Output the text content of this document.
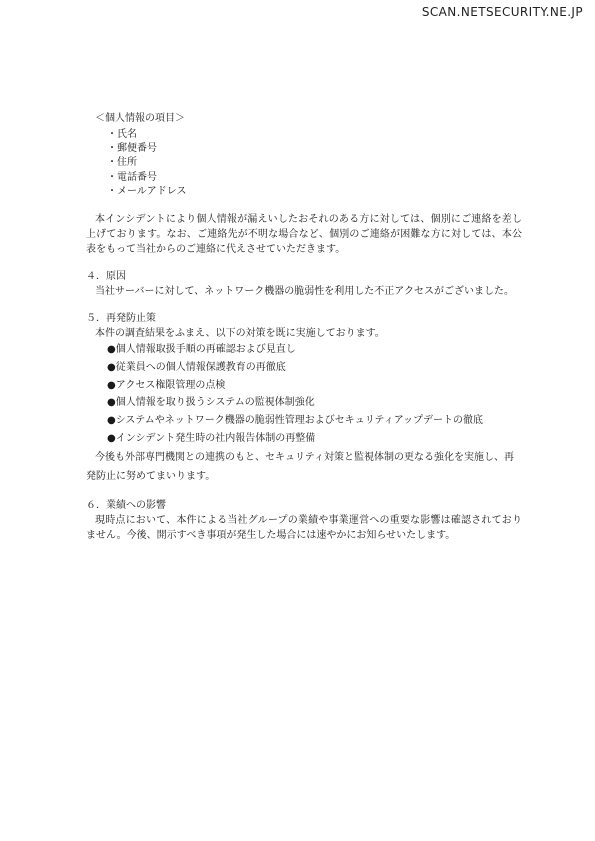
SCAN.NETSECURITY.NE.JP
＜個人情報の項目＞
・氏名
・郵便番号
・住所
・電話番号
・メールアドレス
本インシデントにより個人情報が漏えいしたおそれのある方に対しては、個別にご連絡を差し上げております。なお、ご連絡先が不明な場合など、個別のご連絡が困難な方に対しては、本公表をもって当社からのご連絡に代えさせていただきます。
４．原因
当社サーバーに対して、ネットワーク機器の脆弱性を利用した不正アクセスがございました。
５．再発防止策
本件の調査結果をふまえ、以下の対策を既に実施しております。
● 個人情報取扱手順の再確認および見直し
● 従業員への個人情報保護教育の再徹底
● アクセス権限管理の点検
● 個人情報を取り扱うシステムの監視体制強化
● システムやネットワーク機器の脆弱性管理およびセキュリティアップデートの徹底
● インシデント発生時の社内報告体制の再整備
今後も外部専門機関との連携のもと、セキュリティ対策と監視体制の更なる強化を実施し、再発防止に努めてまいります。
６．業績への影響
現時点において、本件による当社グループの業績や事業運営への重要な影響は確認されておりません。今後、開示すべき事項が発生した場合には速やかにお知らせいたします。
